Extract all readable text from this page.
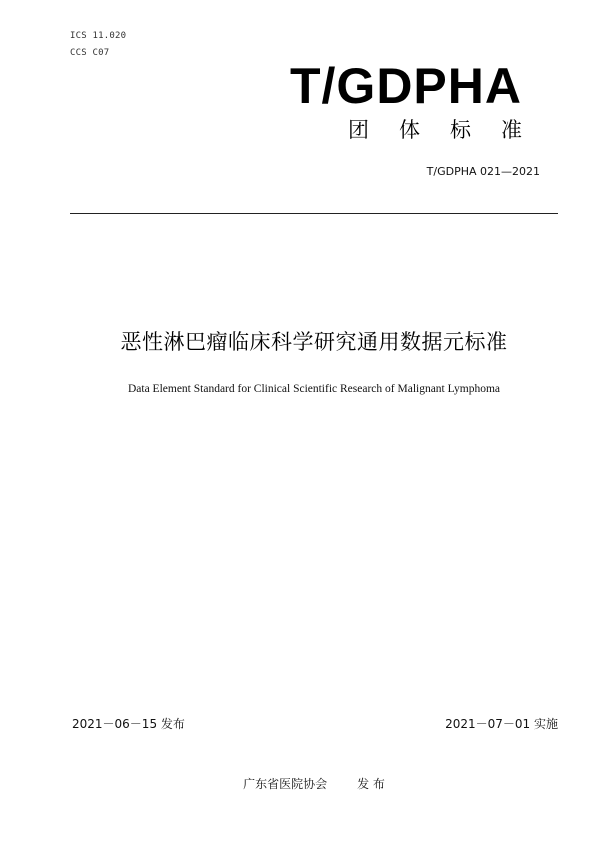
ICS 11.020
CCS C07
T/GDPHA
团体标准
T/GDPHA 021—2021
恶性淋巴瘤临床科学研究通用数据元标准
Data Element Standard for Clinical Scientific Research of Malignant Lymphoma
2021－06－15 发布	2021－07－01 实施
广东省医院协会	发 布
